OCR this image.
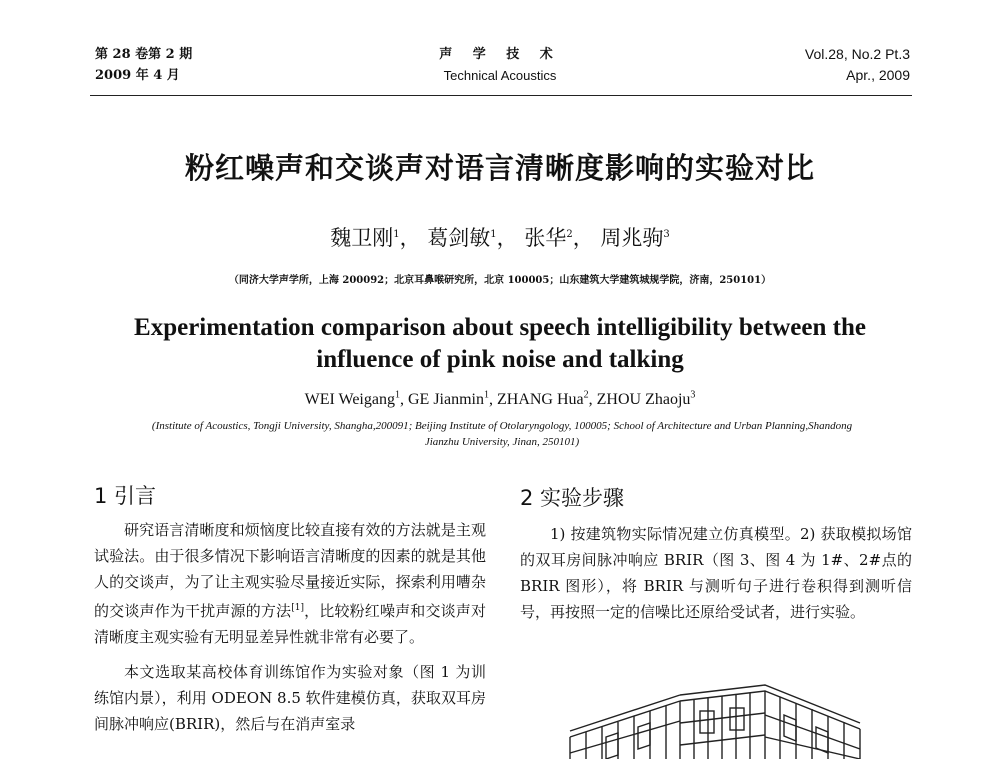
第 28 卷第 2 期
2009 年 4 月
声 学 技 术
Technical Acoustics
Vol.28, No.2 Pt.3
Apr., 2009
粉红噪声和交谈声对语言清晰度影响的实验对比
魏卫刚$^1$， 葛剑敏$^1$， 张华$^2$， 周兆驹$^3$
（同济大学声学所，上海 200092；北京耳鼻喉研究所，北京 100005；山东建筑大学建筑城规学院，济南，250101）
Experimentation comparison about speech intelligibility between the
influence of pink noise and talking
WEI Weigang$^1$, GE Jianmin$^1$, ZHANG Hua$^2$, ZHOU Zhaoju$^3$
(Institute of Acoustics, Tongji University, Shangha,200091; Beijing Institute of Otolaryngology, 100005; School of Architecture and Urban Planning,Shandong
Jianzhu University, Jinan, 250101)
1 引言

研究语言清晰度和烦恼度比较直接有效的方法就是主观试验法。由于很多情况下影响语言清晰度的因素的就是其他人的交谈声，为了让主观实验尽量接近实际，探索利用嘈杂的交谈声作为干扰声源的方法[1]，比较粉红噪声和交谈声对清晰度主观实验有无明显差异性就非常有必要了。

本文选取某高校体育训练馆作为实验对象（图 1 为训练馆内景），利用 ODEON 8.5 软件建模仿真，获取双耳房间脉冲响应(BRIR)，然后与在消声室录

2 实验步骤

1) 按建筑物实际情况建立仿真模型。2) 获取模拟场馆的双耳房间脉冲响应 BRIR（图 3、图 4 为 1#、2#点的 BRIR 图形），将 BRIR 与测听句子进行卷积得到测听信号，再按照一定的信噪比还原给受试者，进行实验。
